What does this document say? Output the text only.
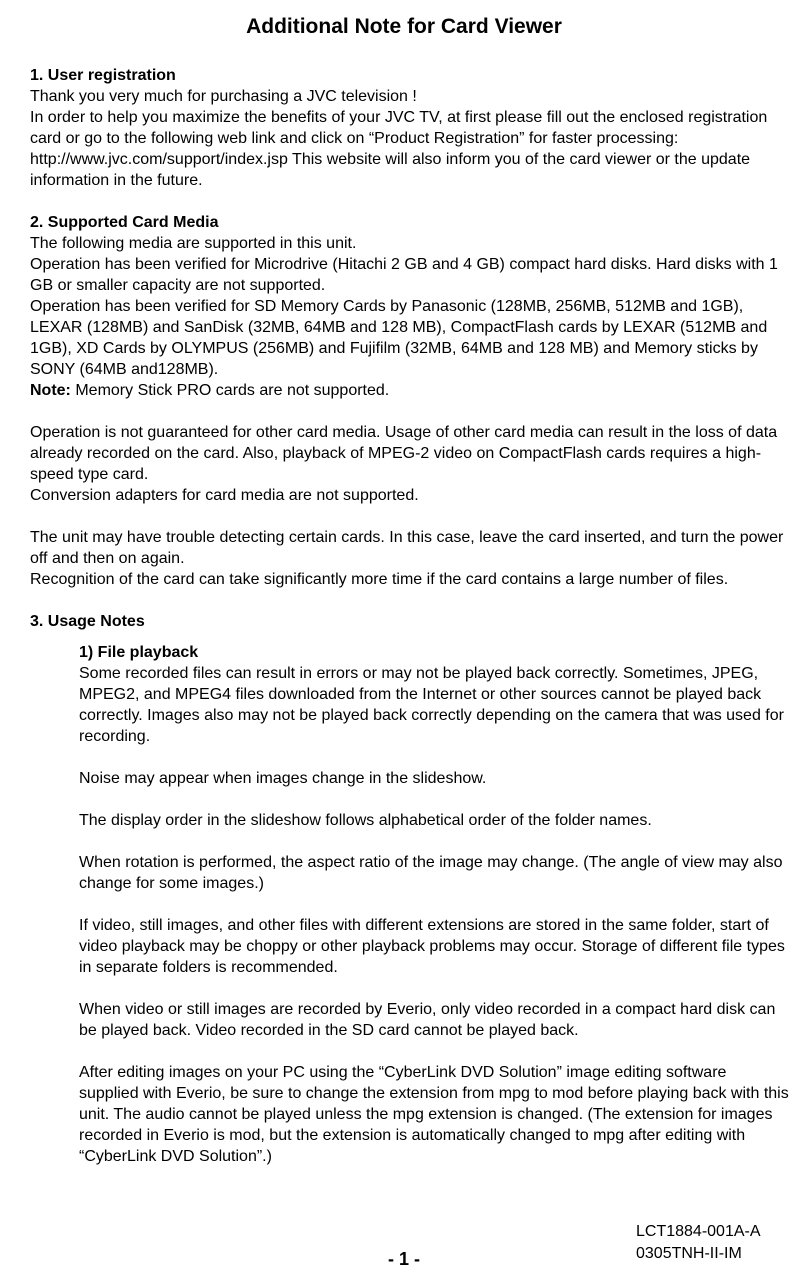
Additional Note for Card Viewer

1. User registration

Thank you very much for purchasing a JVC television !

In order to help you maximize the benefits of your JVC TV, at first please fill out the enclosed registration card or go to the following web link and click on “Product Registration” for faster processing: http://www.jvc.com/support/index.jsp This website will also inform you of the card viewer or the update information in the future.

2. Supported Card Media

The following media are supported in this unit.

Operation has been verified for Microdrive (Hitachi 2 GB and 4 GB) compact hard disks. Hard disks with 1 GB or smaller capacity are not supported.

Operation has been verified for SD Memory Cards by Panasonic (128MB, 256MB, 512MB and 1GB), LEXAR (128MB) and SanDisk (32MB, 64MB and 128 MB), CompactFlash cards by LEXAR (512MB and 1GB), XD Cards by OLYMPUS (256MB) and Fujifilm (32MB, 64MB and 128 MB) and Memory sticks by SONY (64MB and128MB).

Note: Memory Stick PRO cards are not supported.

Operation is not guaranteed for other card media. Usage of other card media can result in the loss of data already recorded on the card. Also, playback of MPEG-2 video on CompactFlash cards requires a high-speed type card.

Conversion adapters for card media are not supported.

The unit may have trouble detecting certain cards. In this case, leave the card inserted, and turn the power off and then on again.

Recognition of the card can take significantly more time if the card contains a large number of files.

3. Usage Notes

1) File playback

Some recorded files can result in errors or may not be played back correctly. Sometimes, JPEG, MPEG2, and MPEG4 files downloaded from the Internet or other sources cannot be played back correctly. Images also may not be played back correctly depending on the camera that was used for recording.

Noise may appear when images change in the slideshow.

The display order in the slideshow follows alphabetical order of the folder names.

When rotation is performed, the aspect ratio of the image may change. (The angle of view may also change for some images.)

If video, still images, and other files with different extensions are stored in the same folder, start of video playback may be choppy or other playback problems may occur. Storage of different file types in separate folders is recommended.

When video or still images are recorded by Everio, only video recorded in a compact hard disk can be played back. Video recorded in the SD card cannot be played back.

After editing images on your PC using the “CyberLink DVD Solution” image editing software supplied with Everio, be sure to change the extension from mpg to mod before playing back with this unit. The audio cannot be played unless the mpg extension is changed. (The extension for images recorded in Everio is mod, but the extension is automatically changed to mpg after editing with “CyberLink DVD Solution”.)

LCT1884-001A-A
0305TNH-II-IM
- 1 -
